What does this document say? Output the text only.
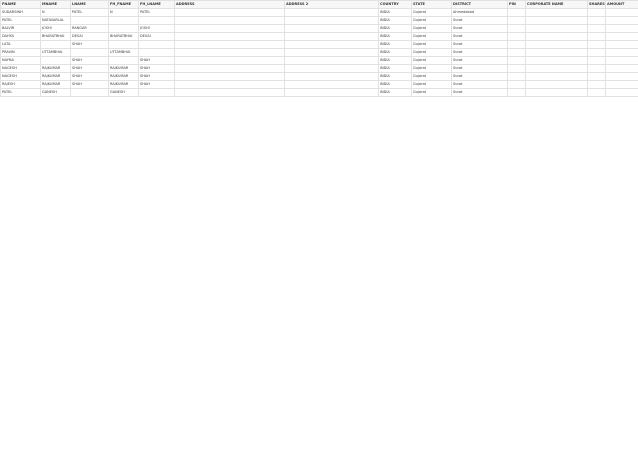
FNAME	MNAME	LNAME	FH_FNAME	FH_LNAME	ADDRESS	ADDRESS 2	COUNTRY	STATE	DISTRICT	PIN	CORPORATE NAME	SHARES	AMOUNT
SUDARSINH	N	PATEL	N	PATEL			INDIA	Gujarat	Ahmedabad				
PATEL	NATAVARLAL						INDIA	Gujarat	Surat				
BALVIR	JOSHI	RANGAR		JOSHI			INDIA	Gujarat	Surat				
DAHYA	BHARATBHAI	DESAI	BHARATBHAI	DESAI			INDIA	Gujarat	Surat				
LATA		SHAH					INDIA	Gujarat	Surat				
PRAVIN	UTTAMBHAI		UTTAMBHAI				INDIA	Gujarat	Surat				
NAYNA		SHAH		SHAH			INDIA	Gujarat	Surat				
NAGESH	RAJKUMAR	SHAH	RAJKUMAR	SHAH			INDIA	Gujarat	Surat				
NAGESH	RAJKUMAR	SHAH	RAJKUMAR	SHAH			INDIA	Gujarat	Surat				
RAJESH	RAJKUMAR	SHAH	RAJKUMAR	SHAH			INDIA	Gujarat	Surat				
PATEL	GANESH		GANESH				INDIA	Gujarat	Surat				
